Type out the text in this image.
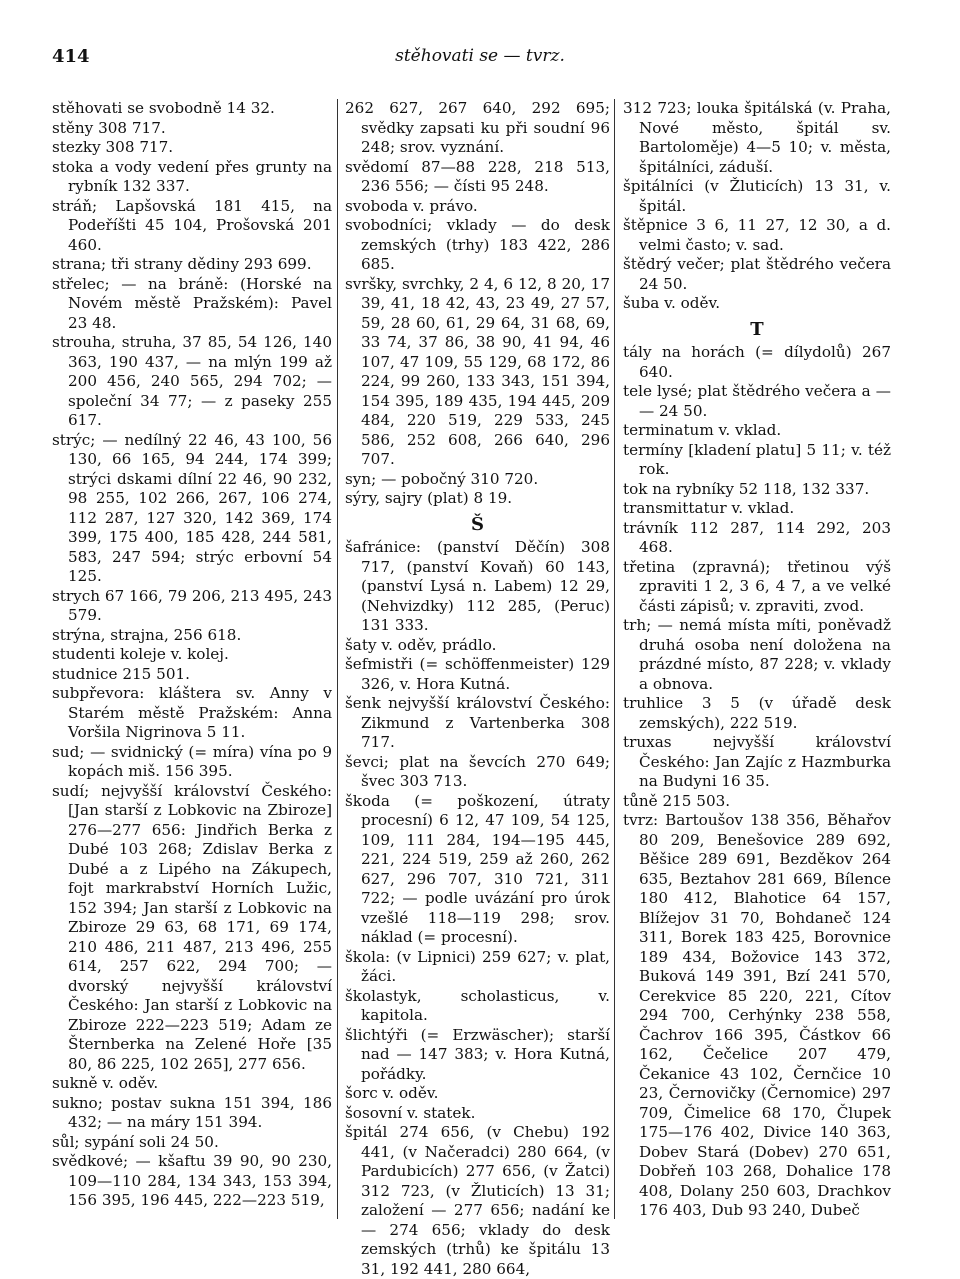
stěhovati se — tvrz.
414

stěhovati se svobodně 14 32.

stěny 308 717.

stezky 308 717.

stoka a vody vedení přes grunty na rybník 132 337.

stráň; Lapšovská 181 415, na Podeříšti 45 104, Prošovská 201 460.

strana; tři strany dědiny 293 699.

střelec; — na bráně: (Horské na Novém městě Pražském): Pavel 23 48.

strouha, struha, 37 85, 54 126, 140 363, 190 437, — na mlýn 199 až 200 456, 240 565, 294 702; — společní 34 77; — z paseky 255 617.

strýc; — nedílný 22 46, 43 100, 56 130, 66 165, 94 244, 174 399; strýci dskami dílní 22 46, 90 232, 98 255, 102 266, 267, 106 274, 112 287, 127 320, 142 369, 174 399, 175 400, 185 428, 244 581, 583, 247 594; strýc erbovní 54 125.

strych 67 166, 79 206, 213 495, 243 579.

strýna, strajna, 256 618.

studenti koleje v. kolej.

studnice 215 501.

subpřevora: kláštera sv. Anny v Starém městě Pražském: Anna Voršila Nigrinova 5 11.

sud; — svidnický (= míra) vína po 9 kopách miš. 156 395.

sudí; nejvyšší království Českého: [Jan starší z Lobkovic na Zbiroze] 276—277 656: Jindřich Berka z Dubé 103 268; Zdislav Berka z Dubé a z Lipého na Zákupech, fojt markrabství Horních Lužic, 152 394; Jan starší z Lobkovic na Zbiroze 29 63, 68 171, 69 174, 210 486, 211 487, 213 496, 255 614, 257 622, 294 700; — dvorský nejvyšší království Českého: Jan starší z Lobkovic na Zbiroze 222—223 519; Adam ze Šternberka na Zelené Hoře [35 80, 86 225, 102 265], 277 656.

sukně v. oděv.

sukno; postav sukna 151 394, 186 432; — na máry 151 394.

sůl; sypání soli 24 50.

svědkové; — kšaftu 39 90, 90 230, 109—110 284, 134 343, 153 394, 156 395, 196 445, 222—223 519,

262 627, 267 640, 292 695; svědky zapsati ku při soudní 96 248; srov. vyznání.

svědomí 87—88 228, 218 513, 236 556; — čísti 95 248.

svoboda v. právo.

svobodníci; vklady — do desk zemských (trhy) 183 422, 286 685.

svršky, svrchky, 2 4, 6 12, 8 20, 17 39, 41, 18 42, 43, 23 49, 27 57, 59, 28 60, 61, 29 64, 31 68, 69, 33 74, 37 86, 38 90, 41 94, 46 107, 47 109, 55 129, 68 172, 86 224, 99 260, 133 343, 151 394, 154 395, 189 435, 194 445, 209 484, 220 519, 229 533, 245 586, 252 608, 266 640, 296 707.

syn; — pobočný 310 720.

sýry, sajry (plat) 8 19.

Š

šafránice: (panství Děčín) 308 717, (panství Kovaň) 60 143, (panství Lysá n. Labem) 12 29, (Nehvizdky) 112 285, (Peruc) 131 333.

šaty v. oděv, prádlo.

šefmistři (= schöffenmeister) 129 326, v. Hora Kutná.

šenk nejvyšší království Českého: Zikmund z Vartenberka 308 717.

ševci; plat na ševcích 270 649; švec 303 713.

škoda (= poškození, útraty procesní) 6 12, 47 109, 54 125, 109, 111 284, 194—195 445, 221, 224 519, 259 až 260, 262 627, 296 707, 310 721, 311 722; — podle uvázání pro úrok vzešlé 118—119 298; srov. náklad (= procesní).

škola: (v Lipnici) 259 627; v. plat, žáci.

školastyk, scholasticus, v. kapitola.

šlichtýři (= Erzwäscher); starší nad — 147 383; v. Hora Kutná, pořádky.

šorc v. oděv.

šosovní v. statek.

špitál 274 656, (v Chebu) 192 441, (v Načeradci) 280 664, (v Pardubicích) 277 656, (v Žatci) 312 723, (v Žluticích) 13 31; založení — 277 656; nadání ke — 274 656; vklady do desk zemských (trhů) ke špitálu 13 31, 192 441, 280 664,

312 723; louka špitálská (v. Praha, Nové město, špitál sv. Bartoloměje) 4—5 10; v. města, špitálníci, záduší.

špitálníci (v Žluticích) 13 31, v. špitál.

štěpnice 3 6, 11 27, 12 30, a d. velmi často; v. sad.

štědrý večer; plat štědrého večera 24 50.

šuba v. oděv.

T

tály na horách (= dílydolů) 267 640.

tele lysé; plat štědrého večera a — — 24 50.

terminatum v. vklad.

termíny [kladení platu] 5 11; v. též rok.

tok na rybníky 52 118, 132 337.

transmittatur v. vklad.

trávník 112 287, 114 292, 203 468.

třetina (zpravná); třetinou výš zpraviti 1 2, 3 6, 4 7, a ve velké části zápisů; v. zpraviti, zvod.

trh; — nemá místa míti, poněvadž druhá osoba není doložena na prázdné místo, 87 228; v. vklady a obnova.

truhlice 3 5 (v úřadě desk zemských), 222 519.

truxas nejvyšší království Českého: Jan Zajíc z Hazmburka na Budyni 16 35.

tůně 215 503.

tvrz: Bartoušov 138 356, Běhařov 80 209, Benešovice 289 692, Běšice 289 691, Bezděkov 264 635, Beztahov 281 669, Bílence 180 412, Blahotice 64 157, Blížejov 31 70, Bohdaneč 124 311, Borek 183 425, Borovnice 189 434, Božovice 143 372, Buková 149 391, Bzí 241 570, Cerekvice 85 220, 221, Cítov 294 700, Cerhýnky 238 558, Čachrov 166 395, Částkov 66 162, Čečelice 207 479, Čekanice 43 102, Černčice 10 23, Černovičky (Černomice) 297 709, Čimelice 68 170, Člupek 175—176 402, Divice 140 363, Dobev Stará (Dobev) 270 651, Dobřeň 103 268, Dohalice 178 408, Dolany 250 603, Drachkov 176 403, Dub 93 240, Dubeč
